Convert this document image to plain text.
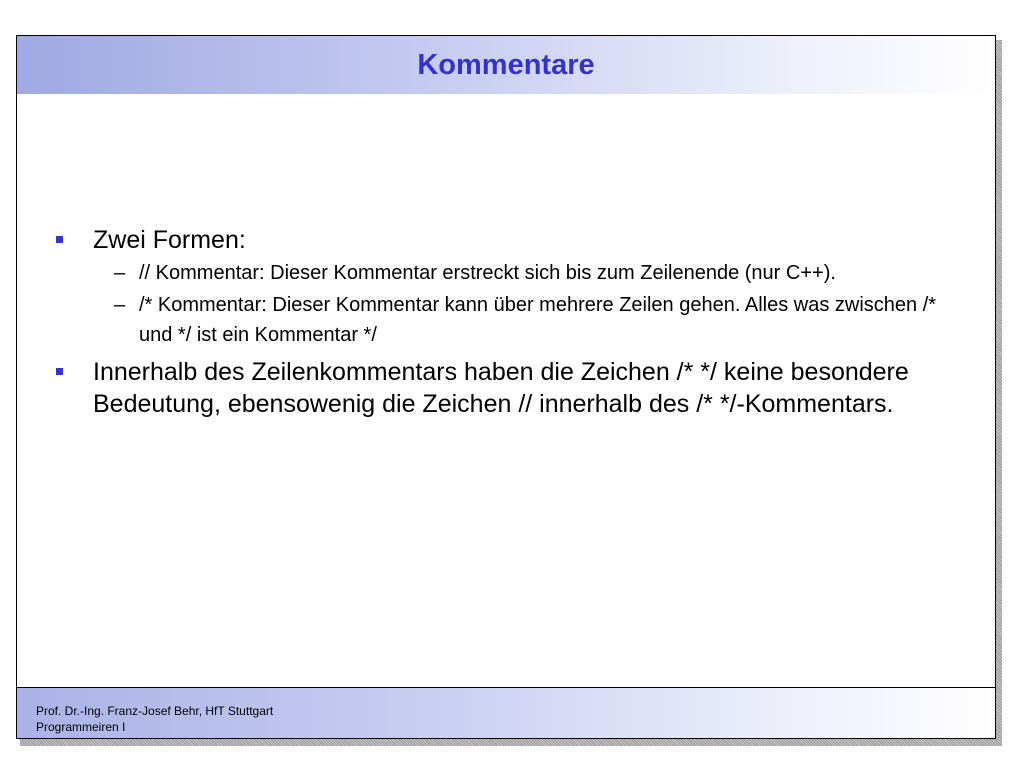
Kommentare
Zwei Formen:
– // Kommentar: Dieser Kommentar erstreckt sich bis zum Zeilenende (nur C++).
– /* Kommentar: Dieser Kommentar kann über mehrere Zeilen gehen. Alles was zwischen /* und */ ist ein Kommentar */
Innerhalb des Zeilenkommentars haben die Zeichen /* */ keine besondere Bedeutung, ebensowenig die Zeichen // innerhalb des /* */-Kommentars.
Prof. Dr.-Ing. Franz-Josef Behr, HfT Stuttgart
Programmeiren I
